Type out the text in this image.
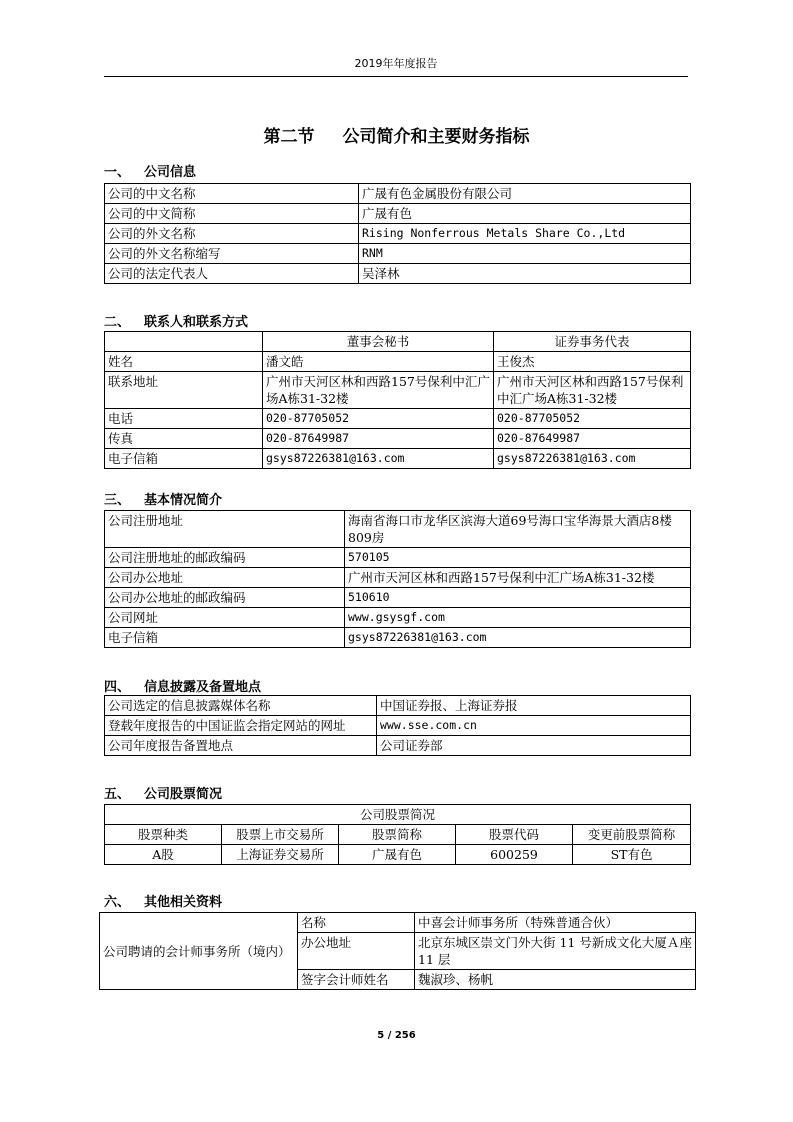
2019年年度报告
第二节 公司简介和主要财务指标
一、 公司信息
公司的中文名称	广晟有色金属股份有限公司
公司的中文简称	广晟有色
公司的外文名称	Rising Nonferrous Metals Share Co.,Ltd
公司的外文名称缩写	RNM
公司的法定代表人	吴泽林
二、 联系人和联系方式
	董事会秘书	证券事务代表
姓名	潘文皓	王俊杰
联系地址	广州市天河区林和西路157号保利中汇广场A栋31-32楼	广州市天河区林和西路157号保利中汇广场A栋31-32楼
电话	020-87705052	020-87705052
传真	020-87649987	020-87649987
电子信箱	gsys87226381@163.com	gsys87226381@163.com
三、 基本情况简介
公司注册地址	海南省海口市龙华区滨海大道69号海口宝华海景大酒店8楼809房
公司注册地址的邮政编码	570105
公司办公地址	广州市天河区林和西路157号保利中汇广场A栋31-32楼
公司办公地址的邮政编码	510610
公司网址	www.gsysgf.com
电子信箱	gsys87226381@163.com
四、 信息披露及备置地点
公司选定的信息披露媒体名称	中国证券报、上海证券报
登载年度报告的中国证监会指定网站的网址	www.sse.com.cn
公司年度报告备置地点	公司证券部
五、 公司股票简况
公司股票简况				
股票种类	股票上市交易所	股票简称	股票代码	变更前股票简称
A股	上海证券交易所	广晟有色	600259	ST有色
六、 其他相关资料
公司聘请的会计师事务所（境内）	名称	中喜会计师事务所（特殊普通合伙）
	办公地址	北京东城区崇文门外大街 11 号新成文化大厦Ａ座 11 层
	签字会计师姓名	魏淑珍、杨帆
5 / 256
